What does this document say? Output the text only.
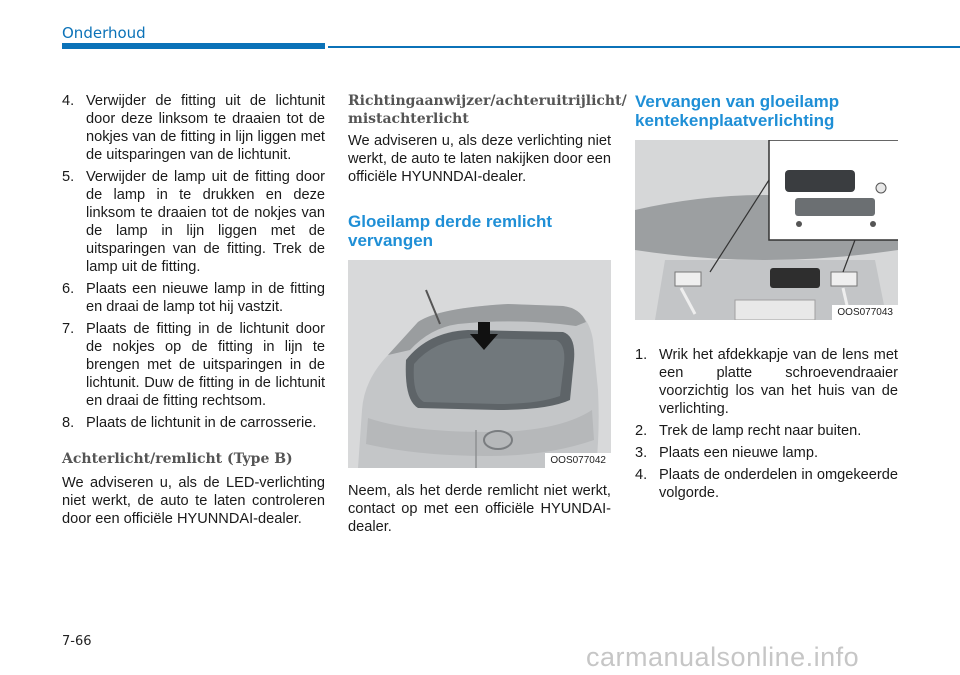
Onderhoud
4. Verwijder de fitting uit de lichtunit door deze linksom te draaien tot de nokjes van de fitting in lijn liggen met de uitsparingen van de lichtunit.
5. Verwijder de lamp uit de fitting door de lamp in te drukken en deze linksom te draaien tot de nokjes van de lamp in lijn liggen met de uitsparingen van de fitting. Trek de lamp uit de fitting.
6. Plaats een nieuwe lamp in de fitting en draai de lamp tot hij vastzit.
7. Plaats de fitting in de lichtunit door de nokjes op de fitting in lijn te brengen met de uitsparingen in de lichtunit. Duw de fitting in de lichtunit en draai de fitting rechtsom.
8. Plaats de lichtunit in de carrosserie.
Achterlicht/remlicht (Type B)

We adviseren u, als de LED-verlichting niet werkt, de auto te laten controleren door een officiële HYUNNDAI-dealer.

Richtingaanwijzer/achteruitrijlicht/ mistachterlicht

We adviseren u, als deze verlichting niet werkt, de auto te laten nakijken door een officiële HYUNNDAI-dealer.

Gloeilamp derde remlicht vervangen
OOS077042

Neem, als het derde remlicht niet werkt, contact op met een officiële HYUNDAI-dealer.

Vervangen van gloeilamp kentekenplaatverlichting
OOS077043
1. Wrik het afdekkapje van de lens met een platte schroevendraaier voorzichtig los van het huis van de verlichting.
2. Trek de lamp recht naar buiten.
3. Plaats een nieuwe lamp.
4. Plaats de onderdelen in omgekeerde volgorde.
7-66
carmanualsonline.info
